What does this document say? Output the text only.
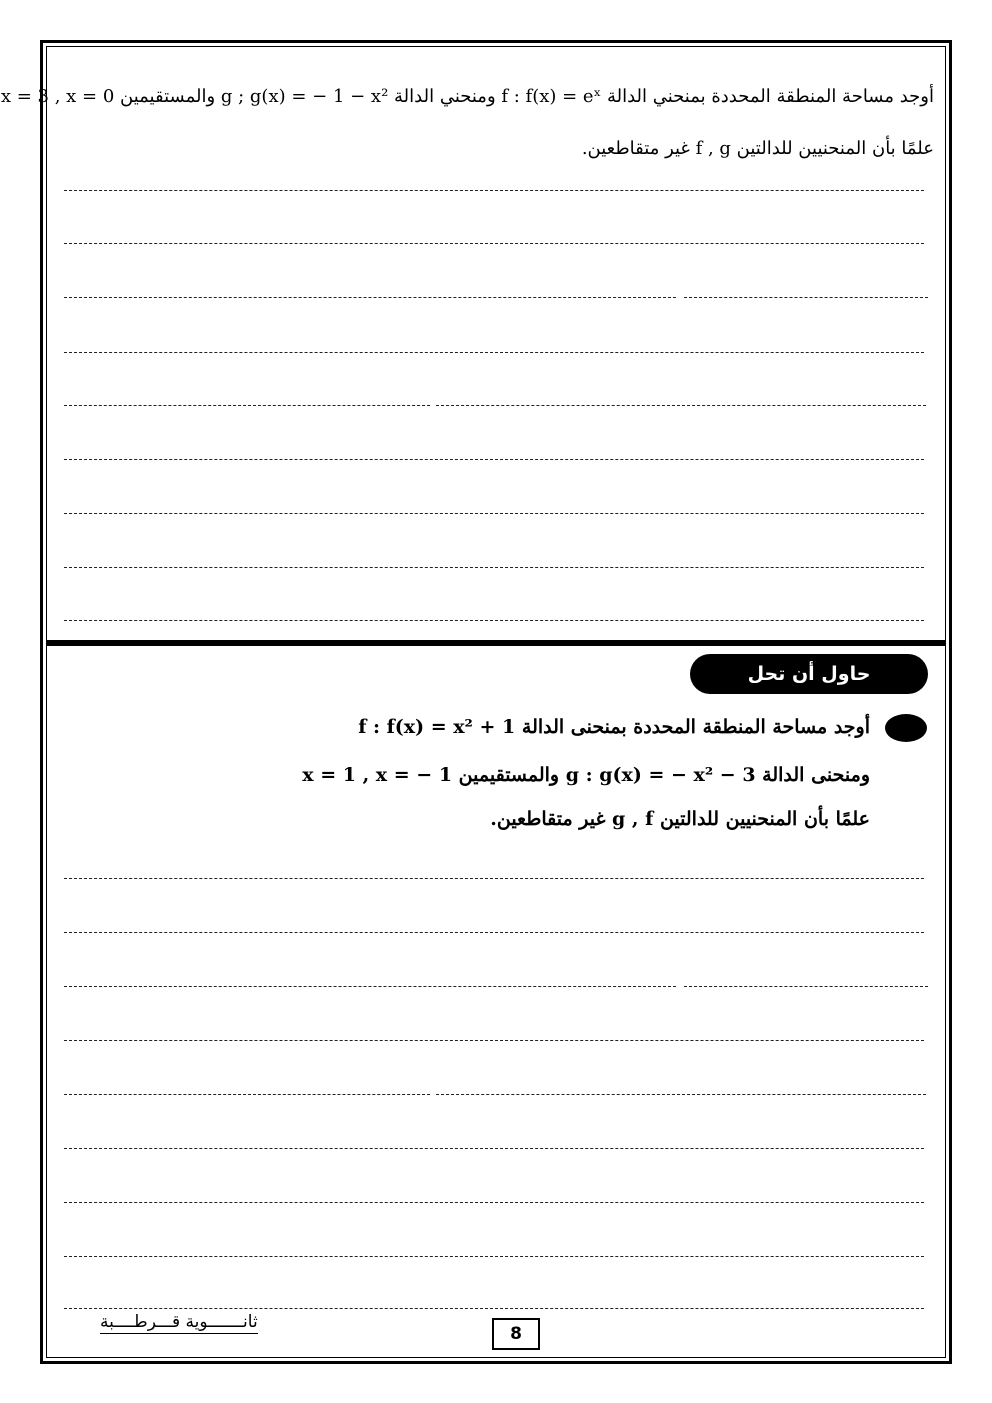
أوجد مساحة المنطقة المحددة بمنحني الدالة f : f(x) = eˣ ومنحني الدالة g ; g(x) = − 1 − x² والمستقيمين x = 3 , x = 0
علمًا بأن المنحنيين للدالتين f , g غير متقاطعين.
حاول أن تحل
أوجد مساحة المنطقة المحددة بمنحنى الدالة f : f(x) = x² + 1
ومنحنى الدالة g : g(x) = − x² − 3 والمستقيمين x = 1 , x = − 1
علمًا بأن المنحنيين للدالتين g , f غير متقاطعين.
ثانـــــــوية قـــرطــــبة
8
